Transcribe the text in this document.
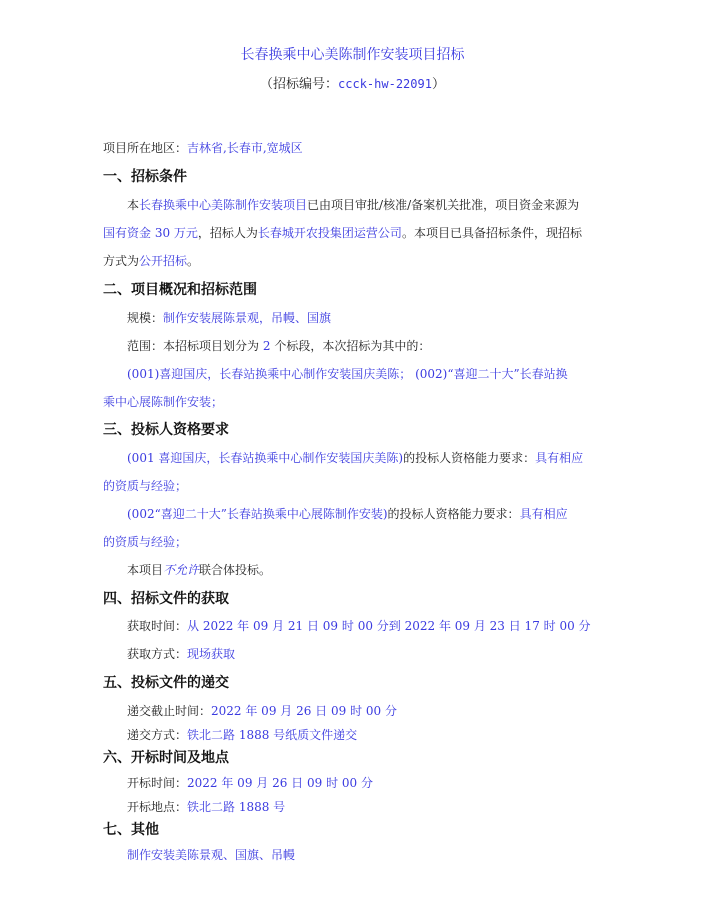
长春换乘中心美陈制作安装项目招标
（招标编号：ccck-hw-22091）
项目所在地区：吉林省,长春市,宽城区
一、招标条件
本长春换乘中心美陈制作安装项目已由项目审批/核准/备案机关批准，项目资金来源为
国有资金 30 万元，招标人为长春城开农投集团运营公司。本项目已具备招标条件，现招标
方式为公开招标。
二、项目概况和招标范围
规模：制作安装展陈景观，吊幔、国旗
范围：本招标项目划分为 2 个标段，本次招标为其中的：
(001)喜迎国庆，长春站换乘中心制作安装国庆美陈； (002)“喜迎二十大”长春站换
乘中心展陈制作安装；
三、投标人资格要求
(001 喜迎国庆，长春站换乘中心制作安装国庆美陈)的投标人资格能力要求：具有相应
的资质与经验；
(002“喜迎二十大”长春站换乘中心展陈制作安装)的投标人资格能力要求：具有相应
的资质与经验；
本项目不允许联合体投标。
四、招标文件的获取
获取时间：从 2022 年 09 月 21 日 09 时 00 分到 2022 年 09 月 23 日 17 时 00 分
获取方式：现场获取
五、投标文件的递交
递交截止时间：2022 年 09 月 26 日 09 时 00 分
递交方式：铁北二路 1888 号纸质文件递交
六、开标时间及地点
开标时间：2022 年 09 月 26 日 09 时 00 分
开标地点：铁北二路 1888 号
七、其他
制作安装美陈景观、国旗、吊幔
